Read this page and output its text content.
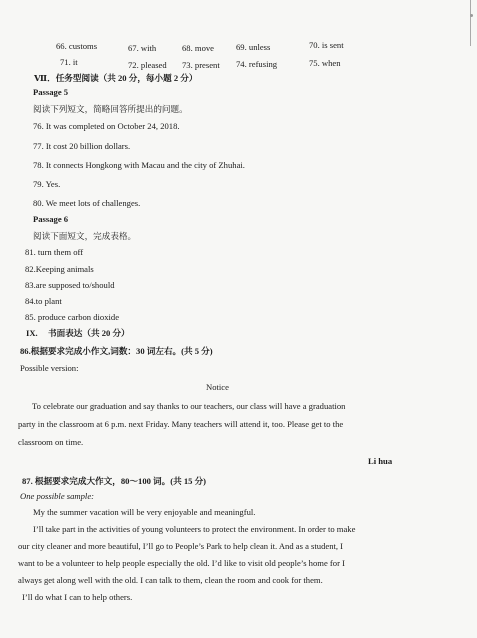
66. customs	67. with	68. move	69. unless	70. is sent
71. it	72. pleased 73. present 74. refusing	75. when
Ⅶ．任务型阅读（共 20 分，每小题 2 分）
Passage 5
阅读下列短文，简略回答所提出的问题。
76. It was completed on October 24, 2018.
77. It cost 20 billion dollars.
78. It connects Hongkong with Macau and the city of Zhuhai.
79. Yes.
80. We meet lots of challenges.
Passage 6
阅读下面短文，完成表格。
81. turn them off
82.Keeping animals
83.are supposed to/should
84.to plant
85. produce carbon dioxide
IX. 书面表达（共 20 分）
86.根据要求完成小作文,词数：30 词左右。(共 5 分)
Possible version:
Notice
To celebrate our graduation and say thanks to our teachers, our class will have a graduation
party in the classroom at 6 p.m. next Friday. Many teachers will attend it, too. Please get to the
classroom on time.
Li hua
87. 根据要求完成大作文，80～100 词。(共 15 分)
One possible sample:
My the summer vacation will be very enjoyable and meaningful.
I’ll take part in the activities of young volunteers to protect the environment. In order to make
our city cleaner and more beautiful, I’ll go to People’s Park to help clean it. And as a student, I
want to be a volunteer to help people especially the old. I’d like to visit old people’s home for I
always get along well with the old. I can talk to them, clean the room and cook for them.
I’ll do what I can to help others.
